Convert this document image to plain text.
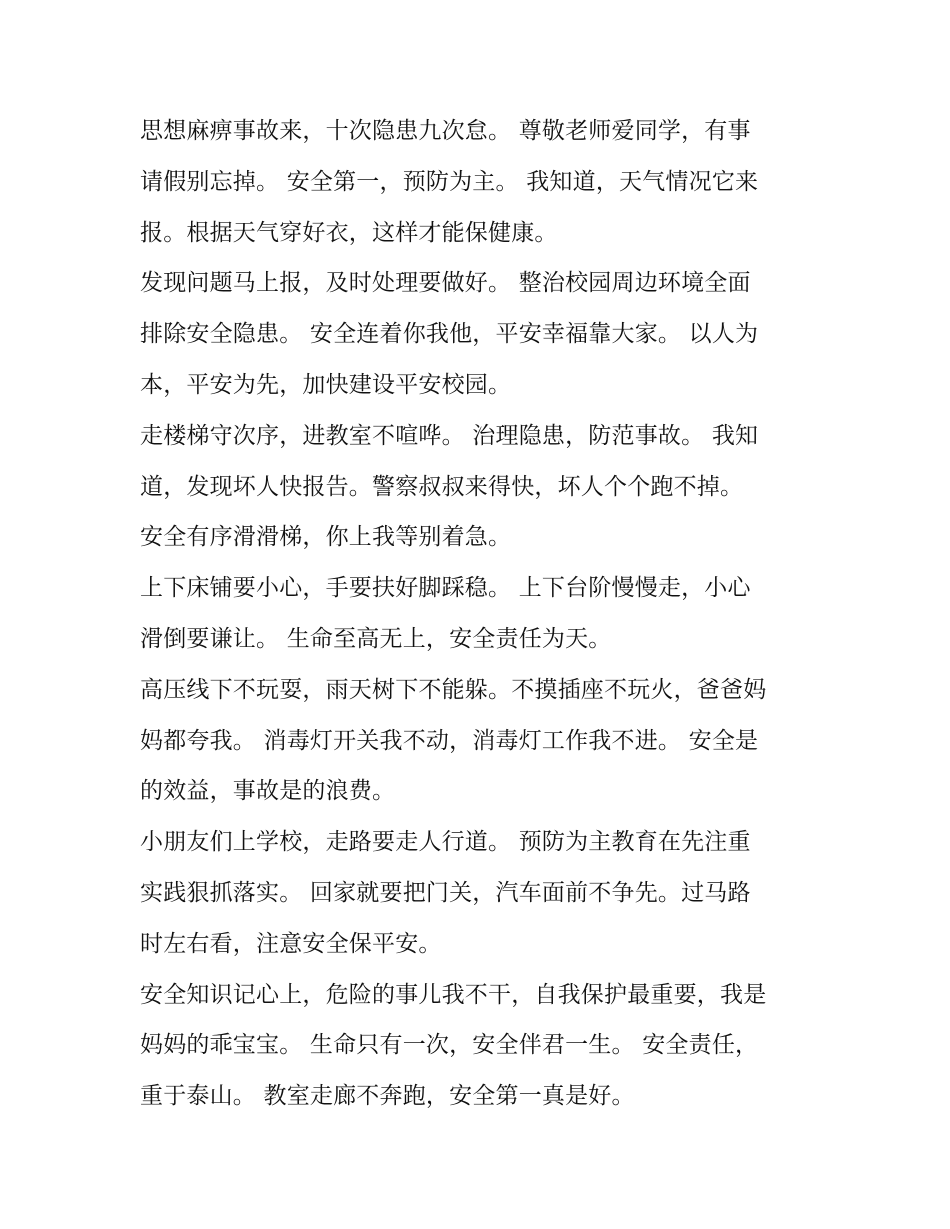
思想麻痹事故来，十次隐患九次怠。 尊敬老师爱同学，有事
请假别忘掉。 安全第一，预防为主。 我知道，天气情况它来
报。根据天气穿好衣，这样才能保健康。
发现问题马上报，及时处理要做好。 整治校园周边环境全面
排除安全隐患。 安全连着你我他，平安幸福靠大家。 以人为
本，平安为先，加快建设平安校园。
走楼梯守次序，进教室不喧哗。 治理隐患，防范事故。 我知
道，发现坏人快报告。警察叔叔来得快，坏人个个跑不掉。
安全有序滑滑梯，你上我等别着急。
上下床铺要小心，手要扶好脚踩稳。 上下台阶慢慢走，小心
滑倒要谦让。 生命至高无上，安全责任为天。
高压线下不玩耍，雨天树下不能躲。不摸插座不玩火，爸爸妈
妈都夸我。 消毒灯开关我不动，消毒灯工作我不进。 安全是
的效益，事故是的浪费。
小朋友们上学校，走路要走人行道。 预防为主教育在先注重
实践狠抓落实。 回家就要把门关，汽车面前不争先。过马路
时左右看，注意安全保平安。
安全知识记心上，危险的事儿我不干，自我保护最重要，我是
妈妈的乖宝宝。 生命只有一次，安全伴君一生。 安全责任，
重于泰山。 教室走廊不奔跑，安全第一真是好。
